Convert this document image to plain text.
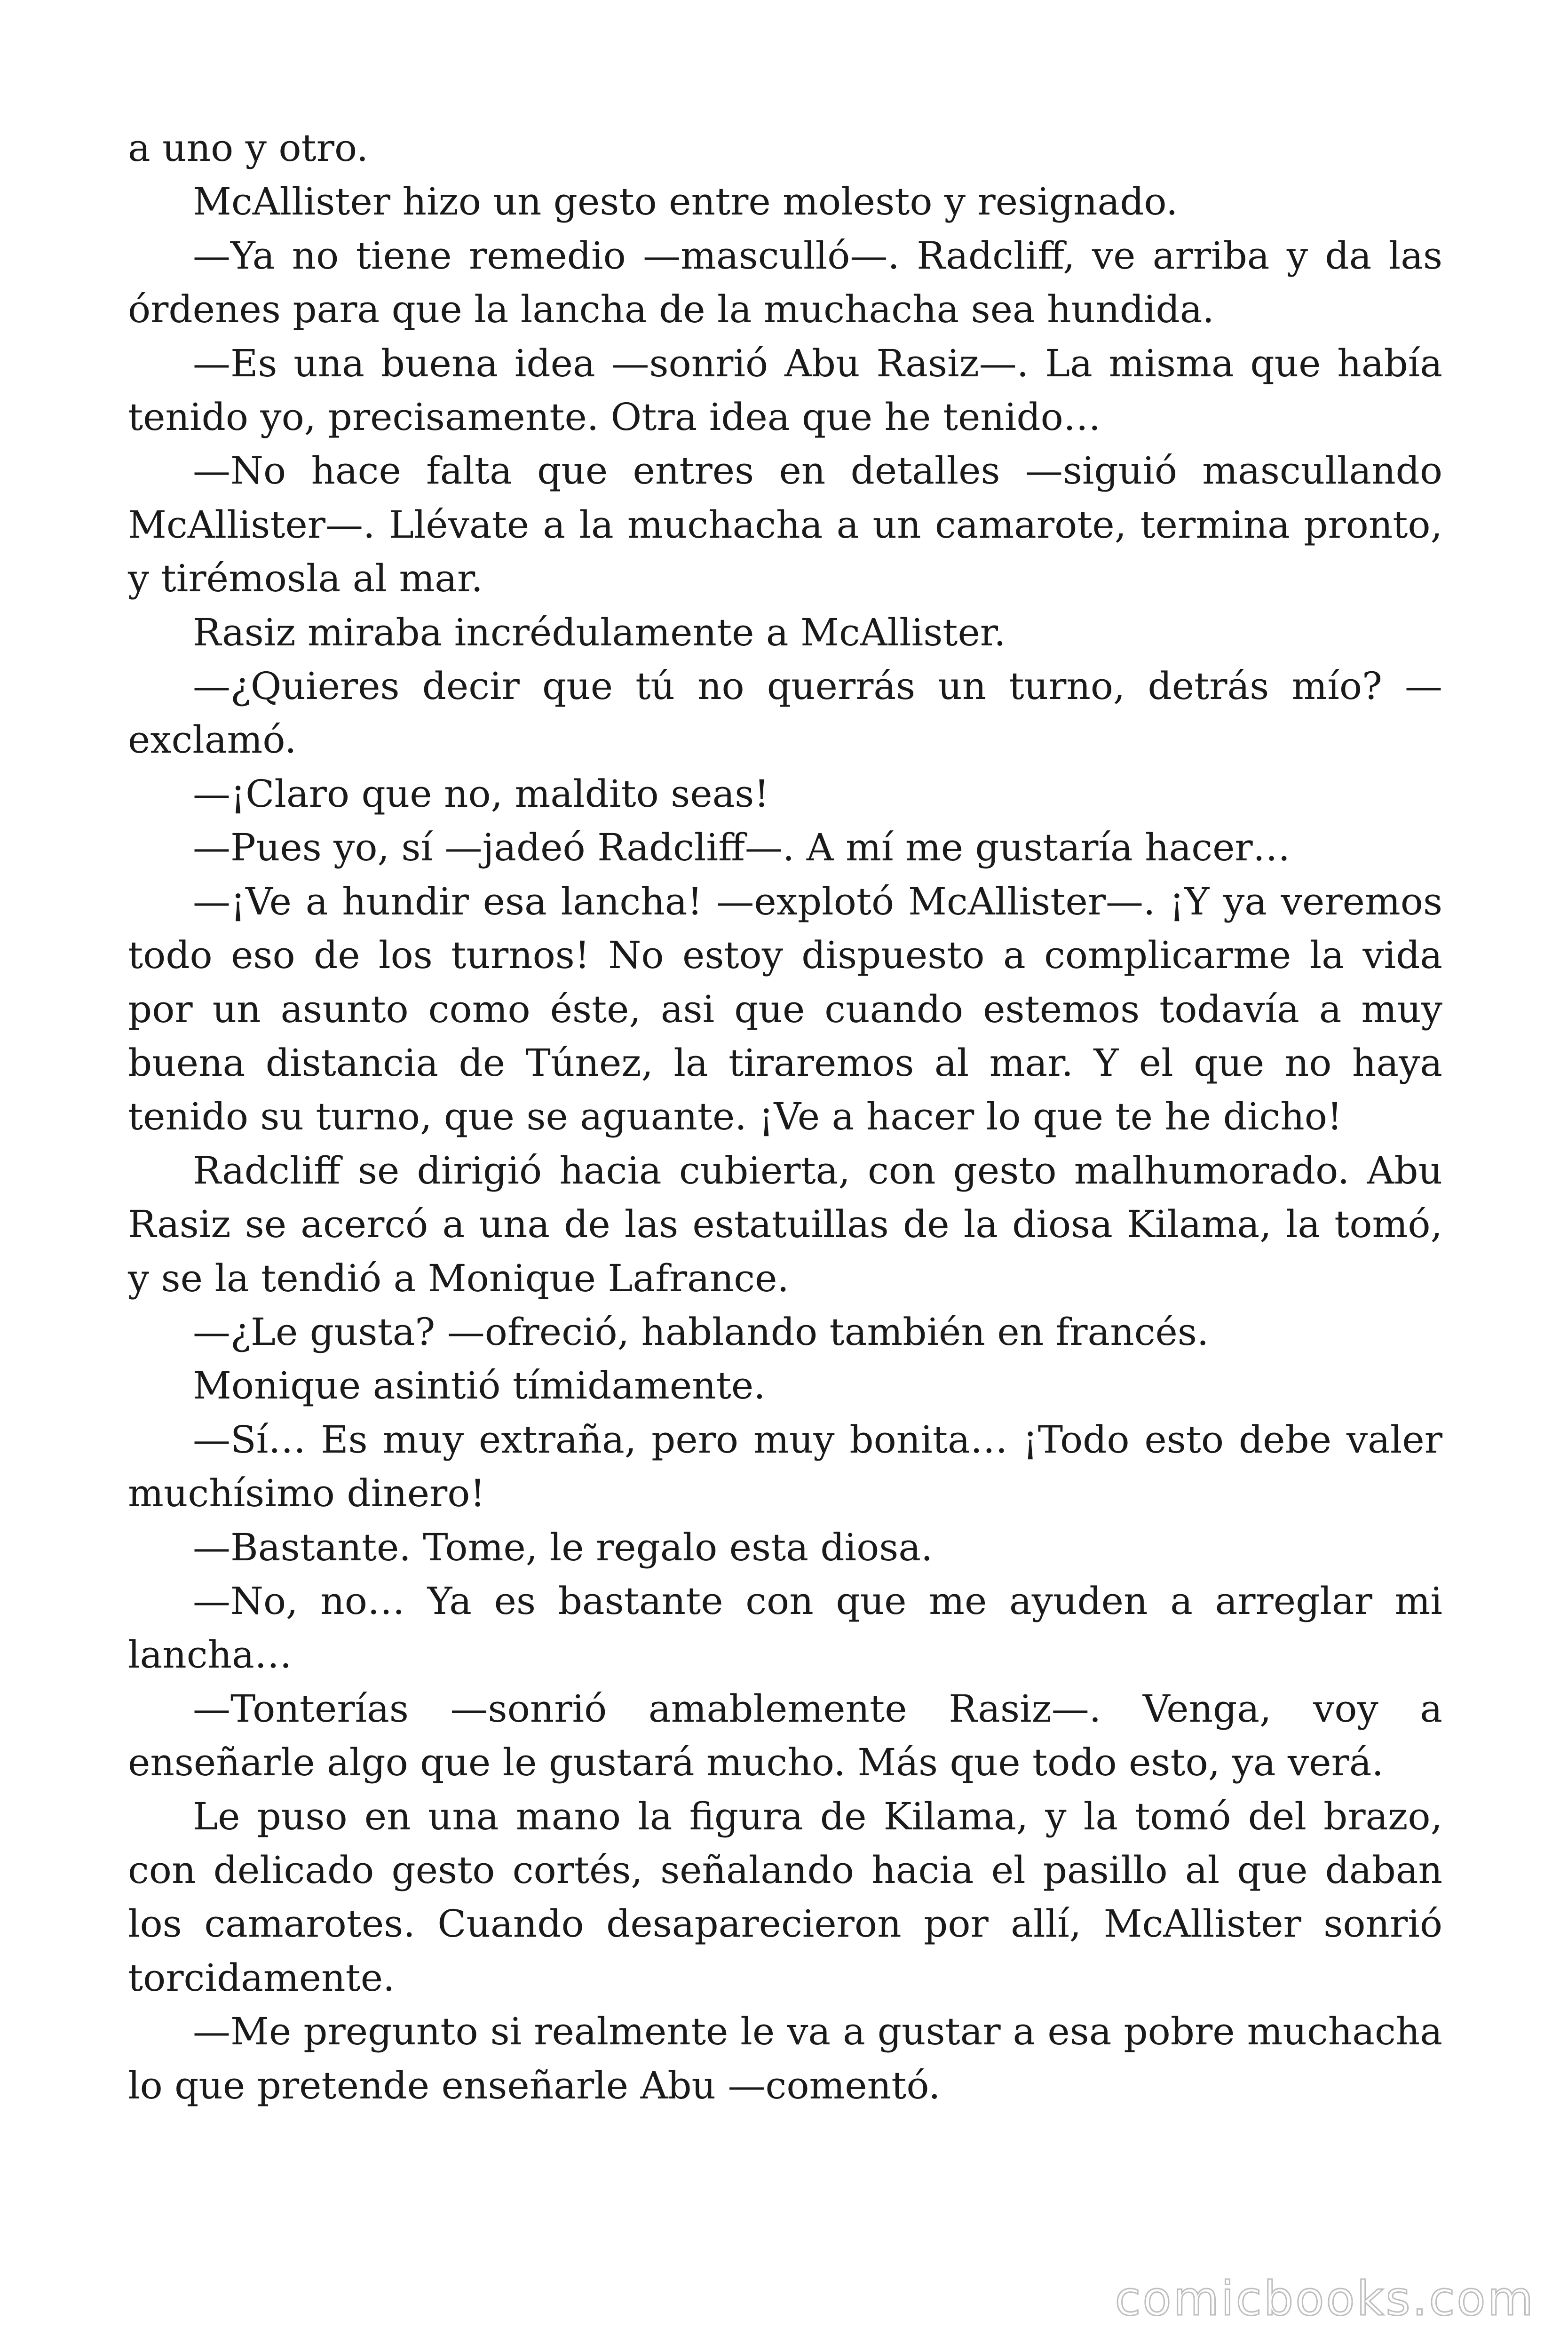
a uno y otro.

McAllister hizo un gesto entre molesto y resignado.

—Ya no tiene remedio —masculló—. Radcliff, ve arriba y da las órdenes para que la lancha de la muchacha sea hundida.

—Es una buena idea —sonrió Abu Rasiz—. La misma que había tenido yo, precisamente. Otra idea que he tenido…

—No hace falta que entres en detalles —siguió mascullando McAllister—. Llévate a la muchacha a un camarote, termina pronto, y tirémosla al mar.

Rasiz miraba incrédulamente a McAllister.

—¿Quieres decir que tú no querrás un turno, detrás mío? —exclamó.

—¡Claro que no, maldito seas!

—Pues yo, sí —jadeó Radcliff—. A mí me gustaría hacer…

—¡Ve a hundir esa lancha! —explotó McAllister—. ¡Y ya veremos todo eso de los turnos! No estoy dispuesto a complicarme la vida por un asunto como éste, asi que cuando estemos todavía a muy buena distancia de Túnez, la tiraremos al mar. Y el que no haya tenido su turno, que se aguante. ¡Ve a hacer lo que te he dicho!

Radcliff se dirigió hacia cubierta, con gesto malhumorado. Abu Rasiz se acercó a una de las estatuillas de la diosa Kilama, la tomó, y se la tendió a Monique Lafrance.

—¿Le gusta? —ofreció, hablando también en francés.

Monique asintió tímidamente.

—Sí… Es muy extraña, pero muy bonita… ¡Todo esto debe valer muchísimo dinero!

—Bastante. Tome, le regalo esta diosa.

—No, no… Ya es bastante con que me ayuden a arreglar mi lancha…

—Tonterías —sonrió amablemente Rasiz—. Venga, voy a enseñarle algo que le gustará mucho. Más que todo esto, ya verá.

Le puso en una mano la figura de Kilama, y la tomó del brazo, con delicado gesto cortés, señalando hacia el pasillo al que daban los camarotes. Cuando desaparecieron por allí, McAllister sonrió torcidamente.

—Me pregunto si realmente le va a gustar a esa pobre muchacha lo que pretende enseñarle Abu —comentó.

comicbooks.com
